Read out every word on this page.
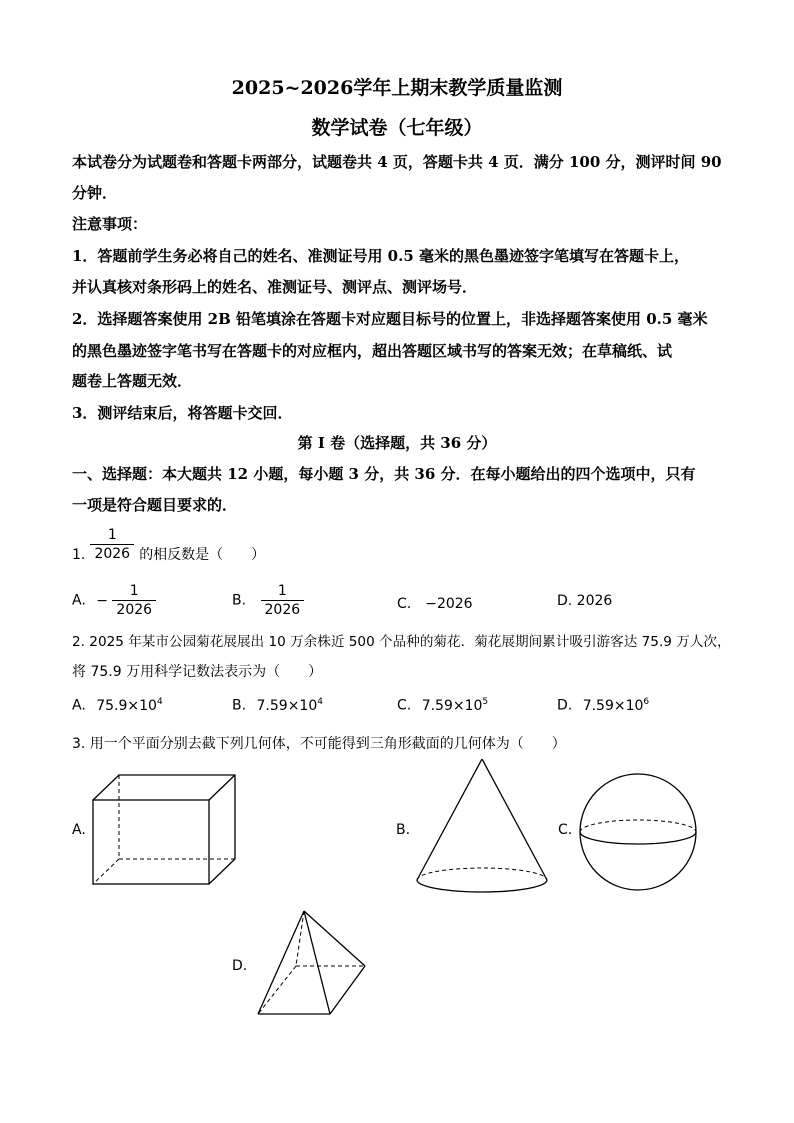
2025~2026学年上期末教学质量监测
数学试卷（七年级）
本试卷分为试题卷和答题卡两部分，试题卷共 4 页，答题卡共 4 页．满分 100 分，测评时间 90
分钟．
注意事项：
1．答题前学生务必将自己的姓名、准测证号用 0.5 毫米的黑色墨迹签字笔填写在答题卡上，
并认真核对条形码上的姓名、准测证号、测评点、测评场号．
2．选择题答案使用 2B 铅笔填涂在答题卡对应题目标号的位置上，非选择题答案使用 0.5 毫米
的黑色墨迹签字笔书写在答题卡的对应框内，超出答题区域书写的答案无效；在草稿纸、试
题卷上答题无效．
3．测评结束后，将答题卡交回．
第 I 卷（选择题，共 36 分）
一、选择题：本大题共 12 小题，每小题 3 分，共 36 分．在每小题给出的四个选项中，只有
一项是符合题目要求的．
1. $\frac{1}{2026}$ 的相反数是（　　）
A. − $\frac{1}{2026}$	B. $\frac{1}{2026}$	C.　−2026	D. 2026
2. 2025 年某市公园菊花展展出 10 万余株近 500 个品种的菊花．菊花展期间累计吸引游客达 75.9 万人次，
将 75.9 万用科学记数法表示为（　　）
A. $75.9\times 10^4$	B. $7.59\times 10^4$	C. $7.59\times 10^5$	D. $7.59\times 10^6$
3. 用一个平面分别去截下列几何体，不可能得到三角形截面的几何体为（　　）
A.	B.	C.
D.
